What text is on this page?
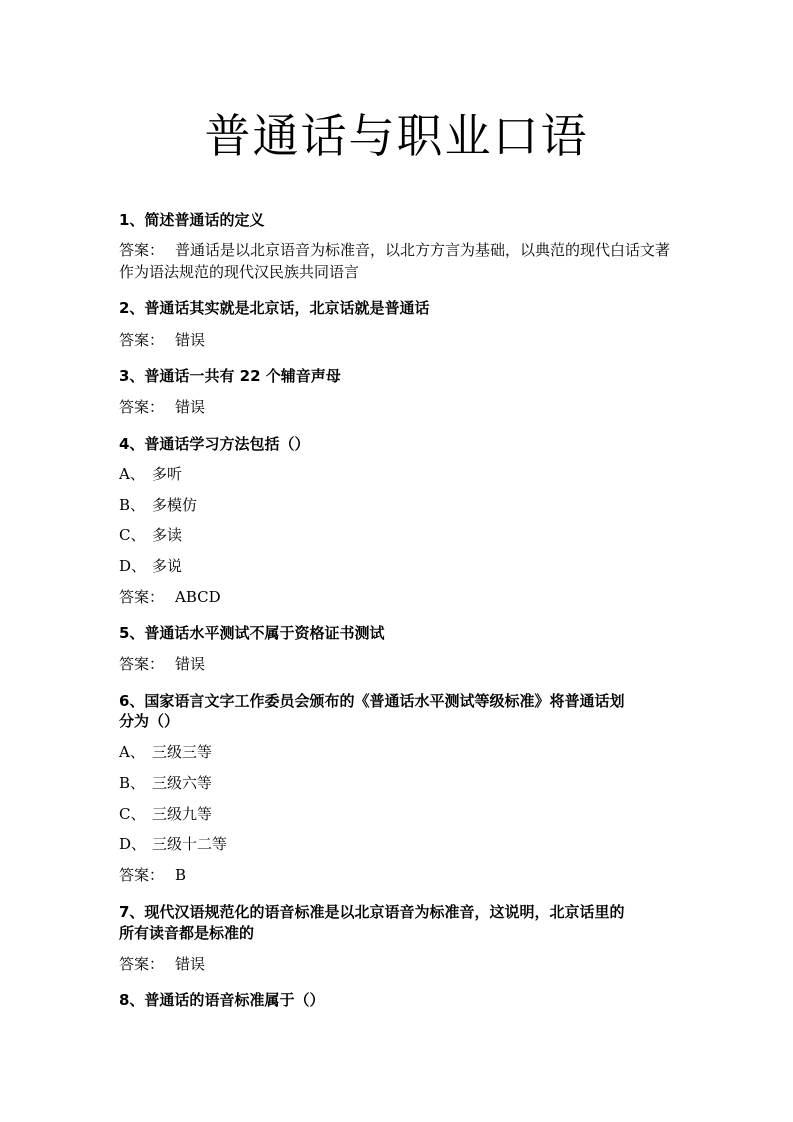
普通话与职业口语
1、简述普通话的定义
答案： 普通话是以北京语音为标准音，以北方方言为基础，以典范的现代白话文著作为语法规范的现代汉民族共同语言
2、普通话其实就是北京话，北京话就是普通话
答案： 错误
3、普通话一共有 22 个辅音声母
答案： 错误
4、普通话学习方法包括（）
A、 多听
B、 多模仿
C、 多读
D、 多说
答案： ABCD
5、普通话水平测试不属于资格证书测试
答案： 错误
6、国家语言文字工作委员会颁布的《普通话水平测试等级标准》将普通话划
分为（）
A、 三级三等
B、 三级六等
C、 三级九等
D、 三级十二等
答案： B
7、现代汉语规范化的语音标准是以北京语音为标准音，这说明，北京话里的
所有读音都是标准的
答案： 错误
8、普通话的语音标准属于（）
